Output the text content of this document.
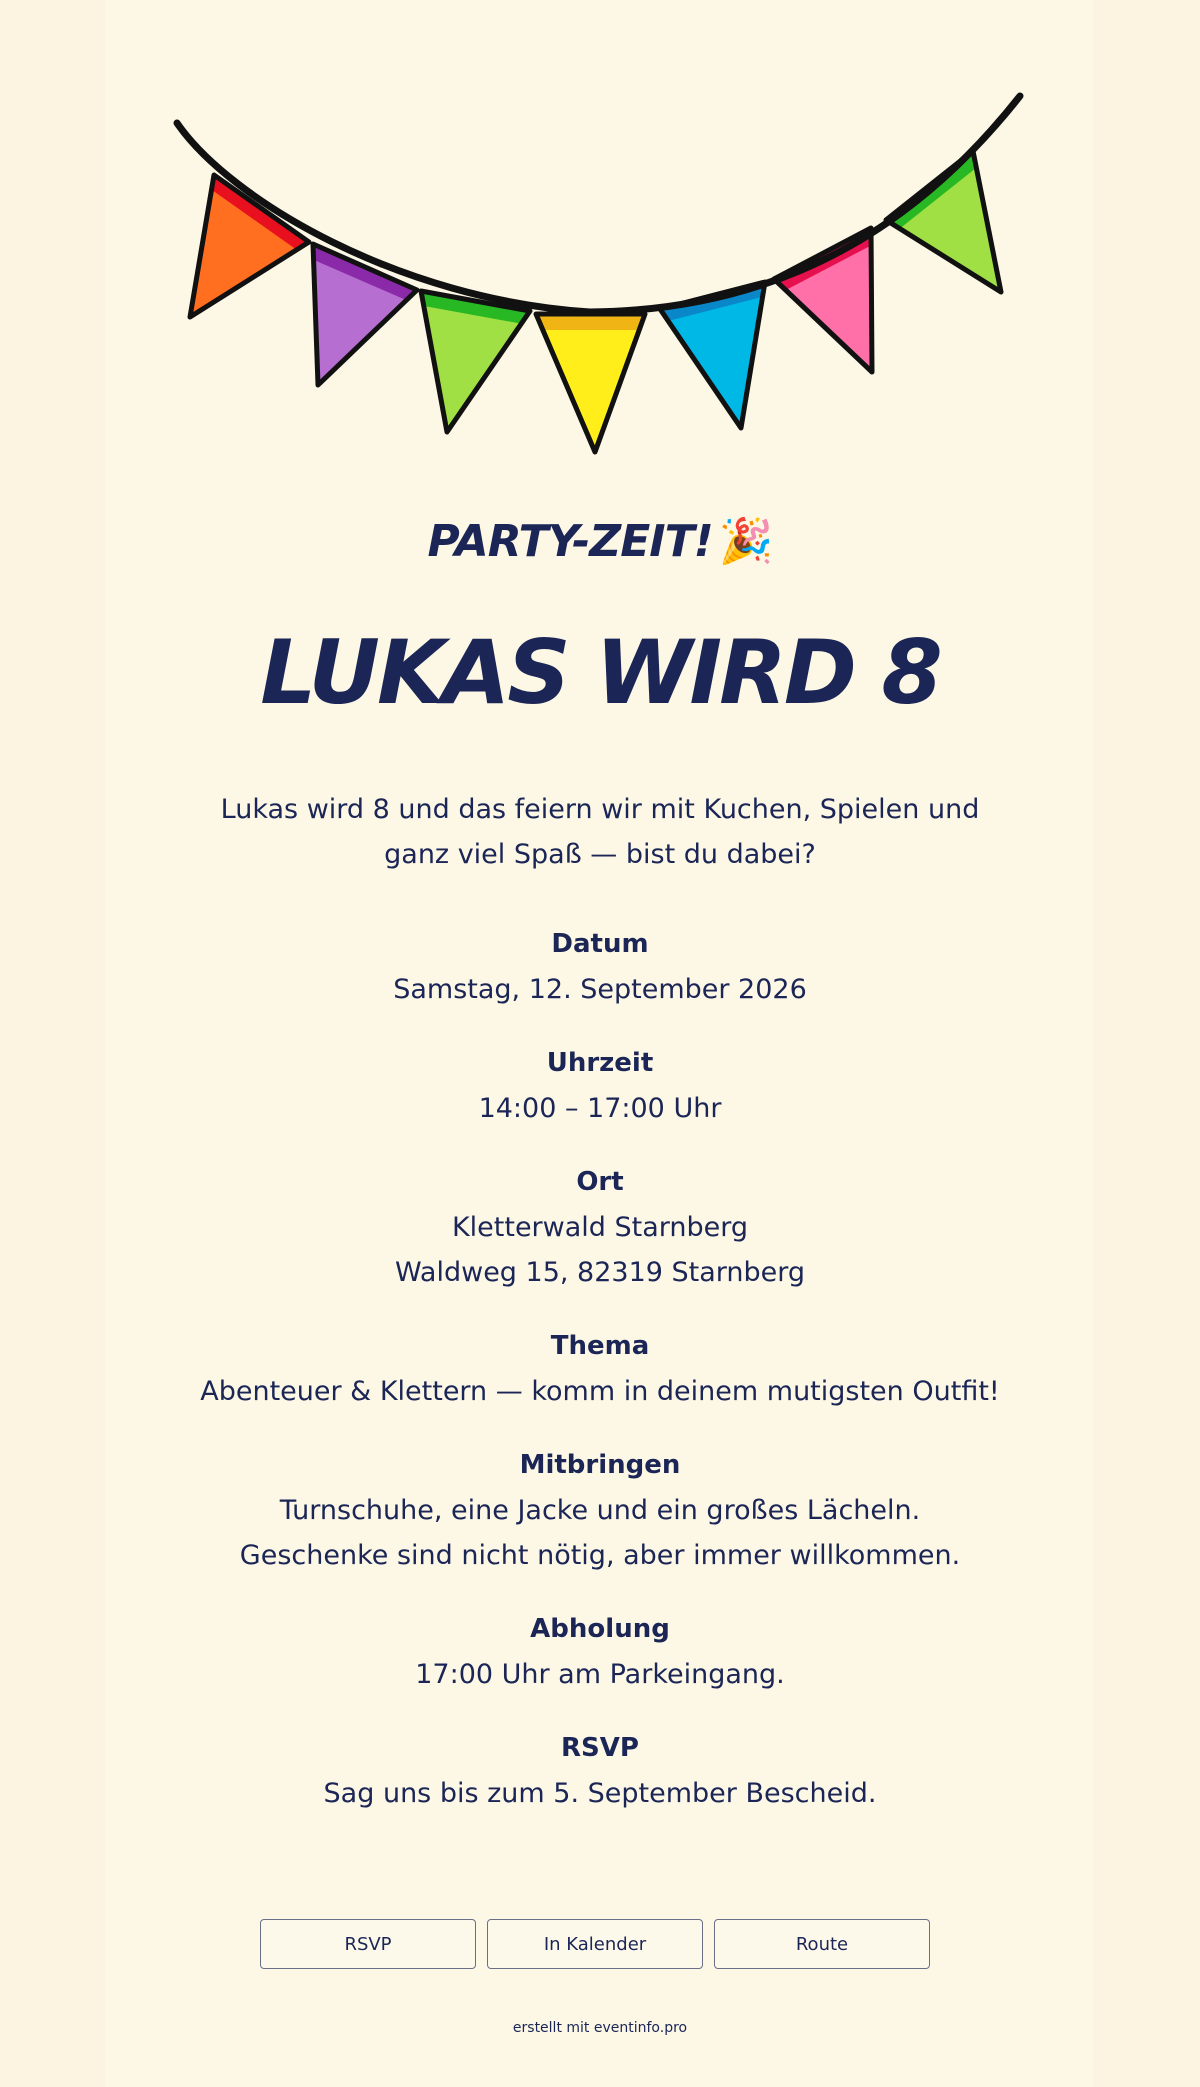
PARTY-ZEIT! 🎉
LUKAS WIRD 8
Lukas wird 8 und das feiern wir mit Kuchen, Spielen und
ganz viel Spaß — bist du dabei?
Datum
Samstag, 12. September 2026
Uhrzeit
14:00 – 17:00 Uhr
Ort
Kletterwald Starnberg
Waldweg 15, 82319 Starnberg
Thema
Abenteuer & Klettern — komm in deinem mutigsten Outfit!
Mitbringen
Turnschuhe, eine Jacke und ein großes Lächeln.
Geschenke sind nicht nötig, aber immer willkommen.
Abholung
17:00 Uhr am Parkeingang.
RSVP
Sag uns bis zum 5. September Bescheid.
RSVP	In Kalender	Route
erstellt mit eventinfo.pro
